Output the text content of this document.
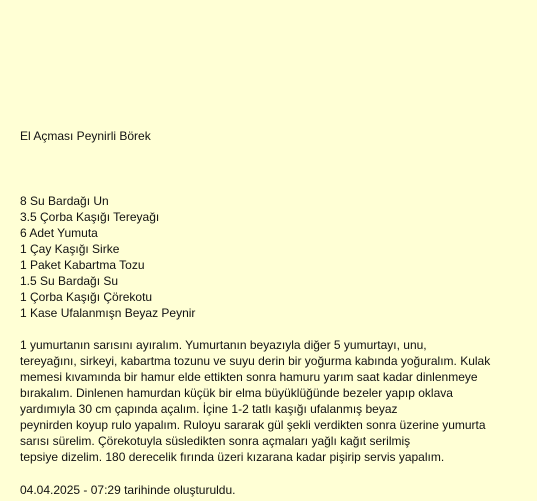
El Açması Peynirli Börek
8 Su Bardağı Un
3.5 Çorba Kaşığı Tereyağı
6 Adet Yumuta
1 Çay Kaşığı Sirke
1 Paket Kabartma Tozu
1.5 Su Bardağı Su
1 Çorba Kaşığı Çörekotu
1 Kase Ufalanmışn Beyaz Peynir

1 yumurtanın sarısını ayıralım. Yumurtanın beyazıyla diğer 5 yumurtayı, unu,
tereyağını, sirkeyi, kabartma tozunu ve suyu derin bir yoğurma kabında yoğuralım. Kulak
memesi kıvamında bir hamur elde ettikten sonra hamuru yarım saat kadar dinlenmeye
bırakalım. Dinlenen hamurdan küçük bir elma büyüklüğünde bezeler yapıp oklava
yardımıyla 30 cm çapında açalım. İçine 1-2 tatlı kaşığı ufalanmış beyaz
peynirden koyup rulo yapalım. Ruloyu sararak gül şekli verdikten sonra üzerine yumurta
sarısı sürelim. Çörekotuyla süsledikten sonra açmaları yağlı kağıt serilmiş
tepsiye dizelim. 180 derecelik fırında üzeri kızarana kadar pişirip servis yapalım.

04.04.2025 - 07:29 tarihinde oluşturuldu.
